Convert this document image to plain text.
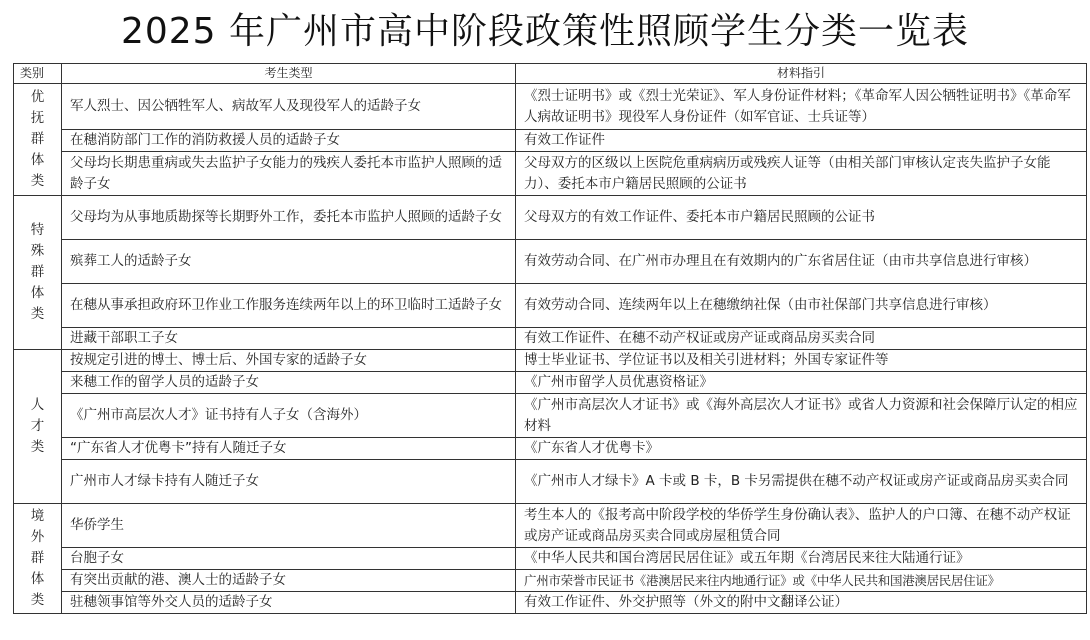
2025 年广州市高中阶段政策性照顾学生分类一览表
类别	考生类型	材料指引

优抚群体类	军人烈士、因公牺牲军人、病故军人及现役军人的适龄子女	《烈士证明书》或《烈士光荣证》、军人身份证件材料；《革命军人因公牺牲证明书》《革命军人病故证明书》现役军人身份证件（如军官证、士兵证等）
	在穗消防部门工作的消防救援人员的适龄子女	有效工作证件
	父母均长期患重病或失去监护子女能力的残疾人委托本市监护人照顾的适龄子女	父母双方的区级以上医院危重病病历或残疾人证等（由相关部门审核认定丧失监护子女能力）、委托本市户籍居民照顾的公证书

特殊群体类	父母均为从事地质勘探等长期野外工作，委托本市监护人照顾的适龄子女	父母双方的有效工作证件、委托本市户籍居民照顾的公证书
	殡葬工人的适龄子女	有效劳动合同、在广州市办理且在有效期内的广东省居住证（由市共享信息进行审核）
	在穗从事承担政府环卫作业工作服务连续两年以上的环卫临时工适龄子女	有效劳动合同、连续两年以上在穗缴纳社保（由市社保部门共享信息进行审核）
	进藏干部职工子女	有效工作证件、在穗不动产权证或房产证或商品房买卖合同

人才类	按规定引进的博士、博士后、外国专家的适龄子女	博士毕业证书、学位证书以及相关引进材料；外国专家证件等
	来穗工作的留学人员的适龄子女	《广州市留学人员优惠资格证》
	《广州市高层次人才》证书持有人子女（含海外）	《广州市高层次人才证书》或《海外高层次人才证书》或省人力资源和社会保障厅认定的相应材料
	“广东省人才优粤卡”持有人随迁子女	《广东省人才优粤卡》
	广州市人才绿卡持有人随迁子女	《广州市人才绿卡》A 卡或 B 卡，B 卡另需提供在穗不动产权证或房产证或商品房买卖合同

境外群体类	华侨学生	考生本人的《报考高中阶段学校的华侨学生身份确认表》、监护人的户口簿、在穗不动产权证或房产证或商品房买卖合同或房屋租赁合同
	台胞子女	《中华人民共和国台湾居民居住证》或五年期《台湾居民来往大陆通行证》
	有突出贡献的港、澳人士的适龄子女	广州市荣誉市民证书《港澳居民来往内地通行证》或《中华人民共和国港澳居民居住证》
	驻穗领事馆等外交人员的适龄子女	有效工作证件、外交护照等（外文的附中文翻译公证）
